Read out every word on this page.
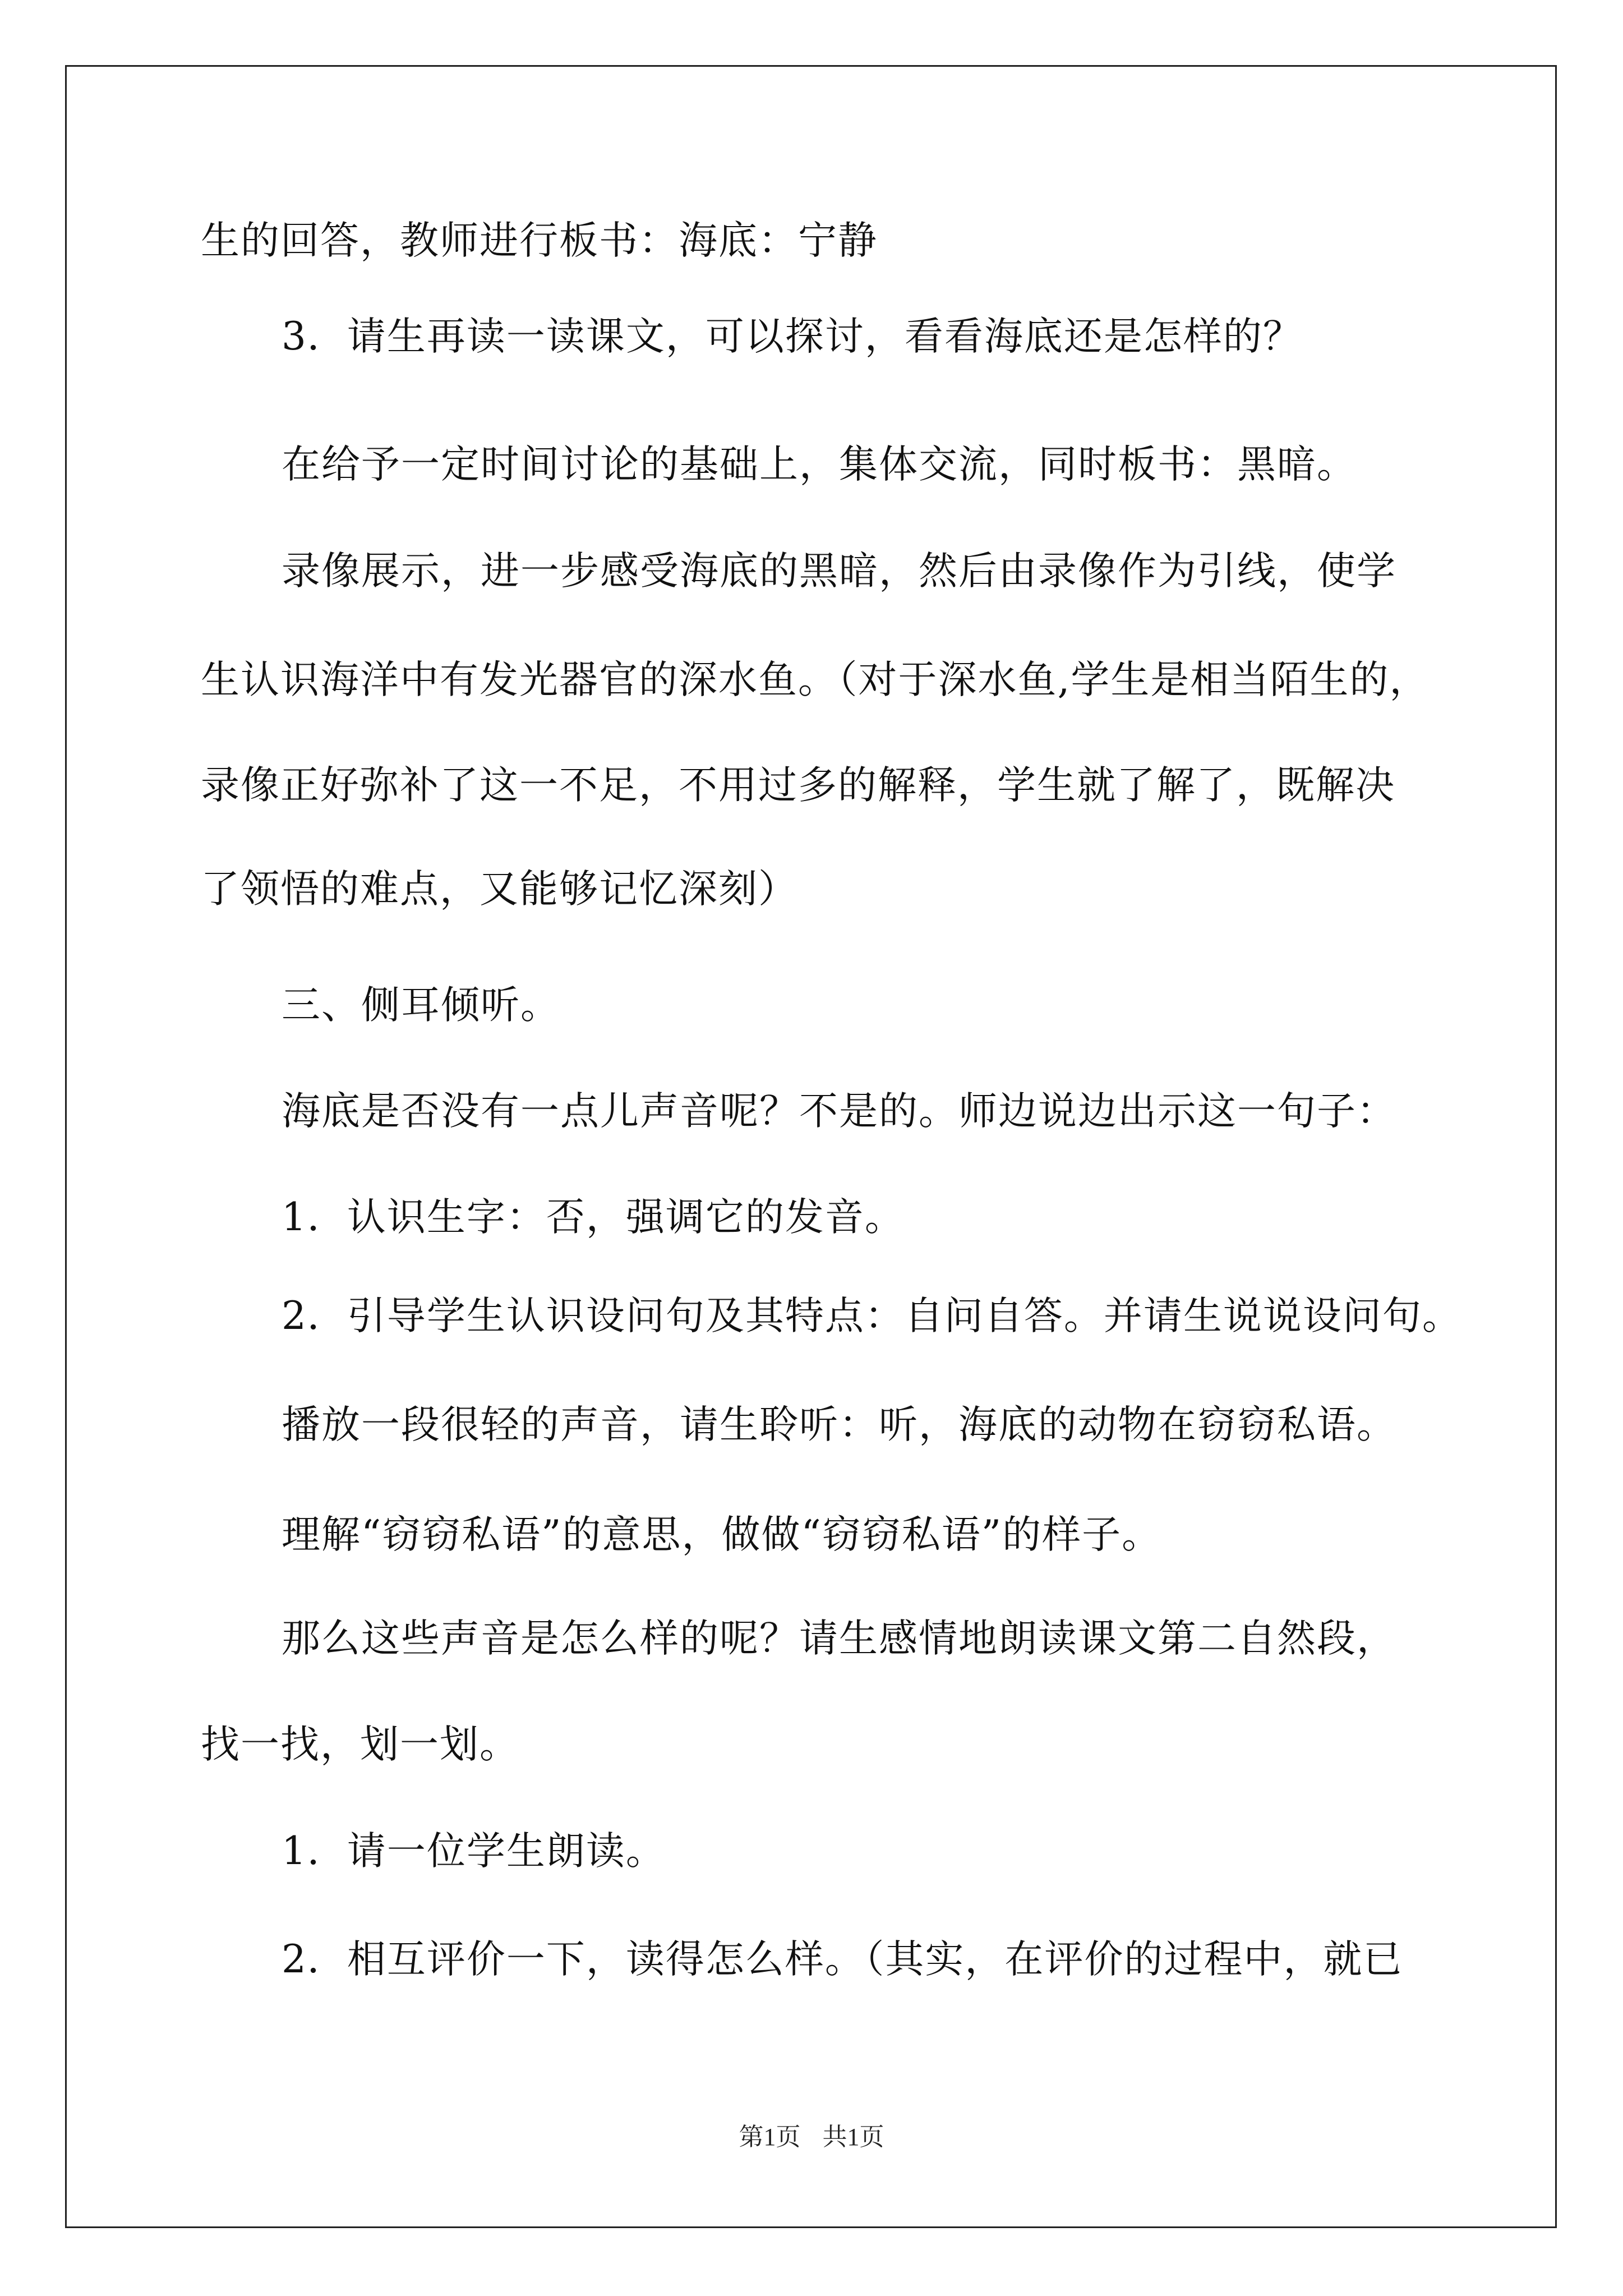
生的回答，教师进行板书：海底：宁静
3．请生再读一读课文，可以探讨，看看海底还是怎样的？
在给予一定时间讨论的基础上，集体交流，同时板书：黑暗。
录像展示，进一步感受海底的黑暗，然后由录像作为引线，使学
生认识海洋中有发光器官的深水鱼。（对于深水鱼,学生是相当陌生的，
录像正好弥补了这一不足，不用过多的解释，学生就了解了，既解决
了领悟的难点，又能够记忆深刻）
三、侧耳倾听。
海底是否没有一点儿声音呢？不是的。师边说边出示这一句子：
1．认识生字：否，强调它的发音。
2．引导学生认识设问句及其特点：自问自答。并请生说说设问句。
播放一段很轻的声音，请生聆听：听，海底的动物在窃窃私语。
理解“窃窃私语”的意思，做做“窃窃私语”的样子。
那么这些声音是怎么样的呢？请生感情地朗读课文第二自然段，
找一找，划一划。
1．请一位学生朗读。
2．相互评价一下，读得怎么样。（其实，在评价的过程中，就已
第1页 共1页
